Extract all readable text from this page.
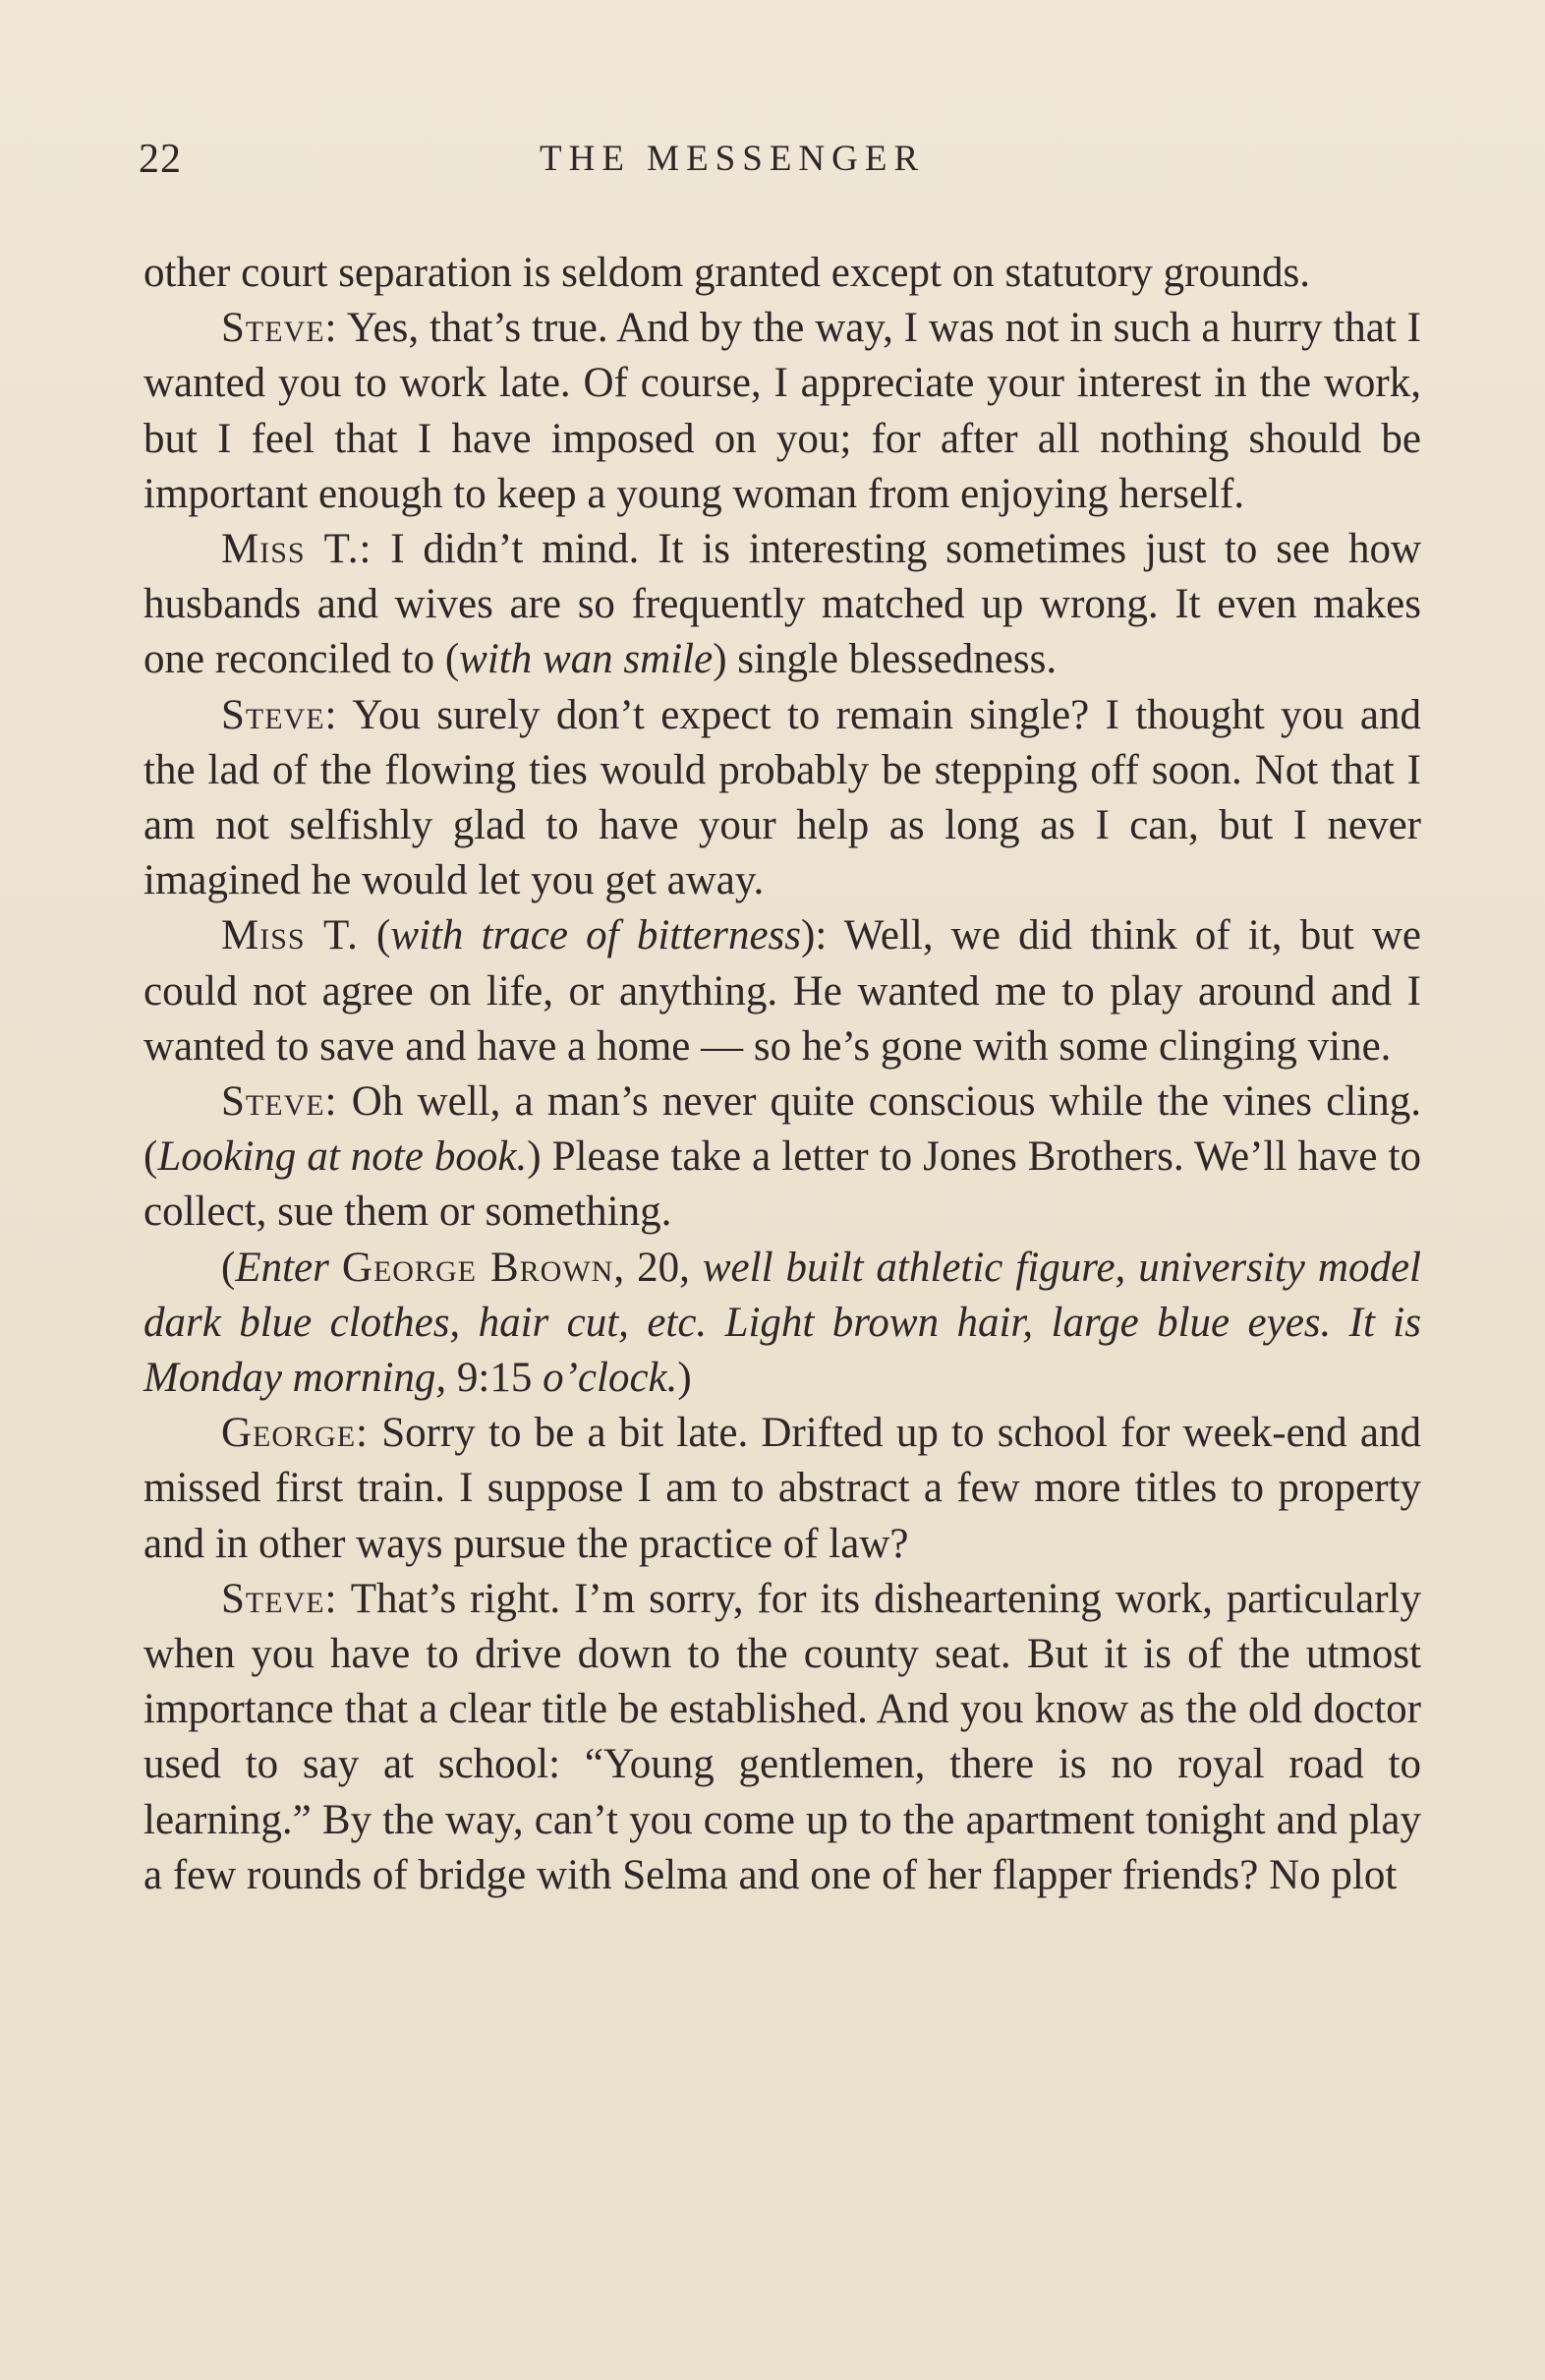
22	THE MESSENGER

other court separation is seldom granted except on statutory grounds.

Steve: Yes, that’s true. And by the way, I was not in such a hurry that I wanted you to work late. Of course, I appreciate your interest in the work, but I feel that I have imposed on you; for after all nothing should be important enough to keep a young woman from enjoying herself.

Miss T.: I didn’t mind. It is interesting sometimes just to see how husbands and wives are so frequently matched up wrong. It even makes one reconciled to (with wan smile) single blessedness.

Steve: You surely don’t expect to remain single? I thought you and the lad of the flowing ties would probably be stepping off soon. Not that I am not selfishly glad to have your help as long as I can, but I never imagined he would let you get away.

Miss T. (with trace of bitterness): Well, we did think of it, but we could not agree on life, or anything. He wanted me to play around and I wanted to save and have a home — so he’s gone with some clinging vine.

Steve: Oh well, a man’s never quite conscious while the vines cling. (Looking at note book.) Please take a letter to Jones Brothers. We’ll have to collect, sue them or something.

(Enter George Brown, 20, well built athletic figure, university model dark blue clothes, hair cut, etc. Light brown hair, large blue eyes. It is Monday morning, 9:15 o’clock.)

George: Sorry to be a bit late. Drifted up to school for week-end and missed first train. I suppose I am to abstract a few more titles to property and in other ways pursue the practice of law?

Steve: That’s right. I’m sorry, for its disheartening work, particularly when you have to drive down to the county seat. But it is of the utmost importance that a clear title be established. And you know as the old doctor used to say at school: “Young gentlemen, there is no royal road to learning.” By the way, can’t you come up to the apartment tonight and play a few rounds of bridge with Selma and one of her flapper friends? No plot
